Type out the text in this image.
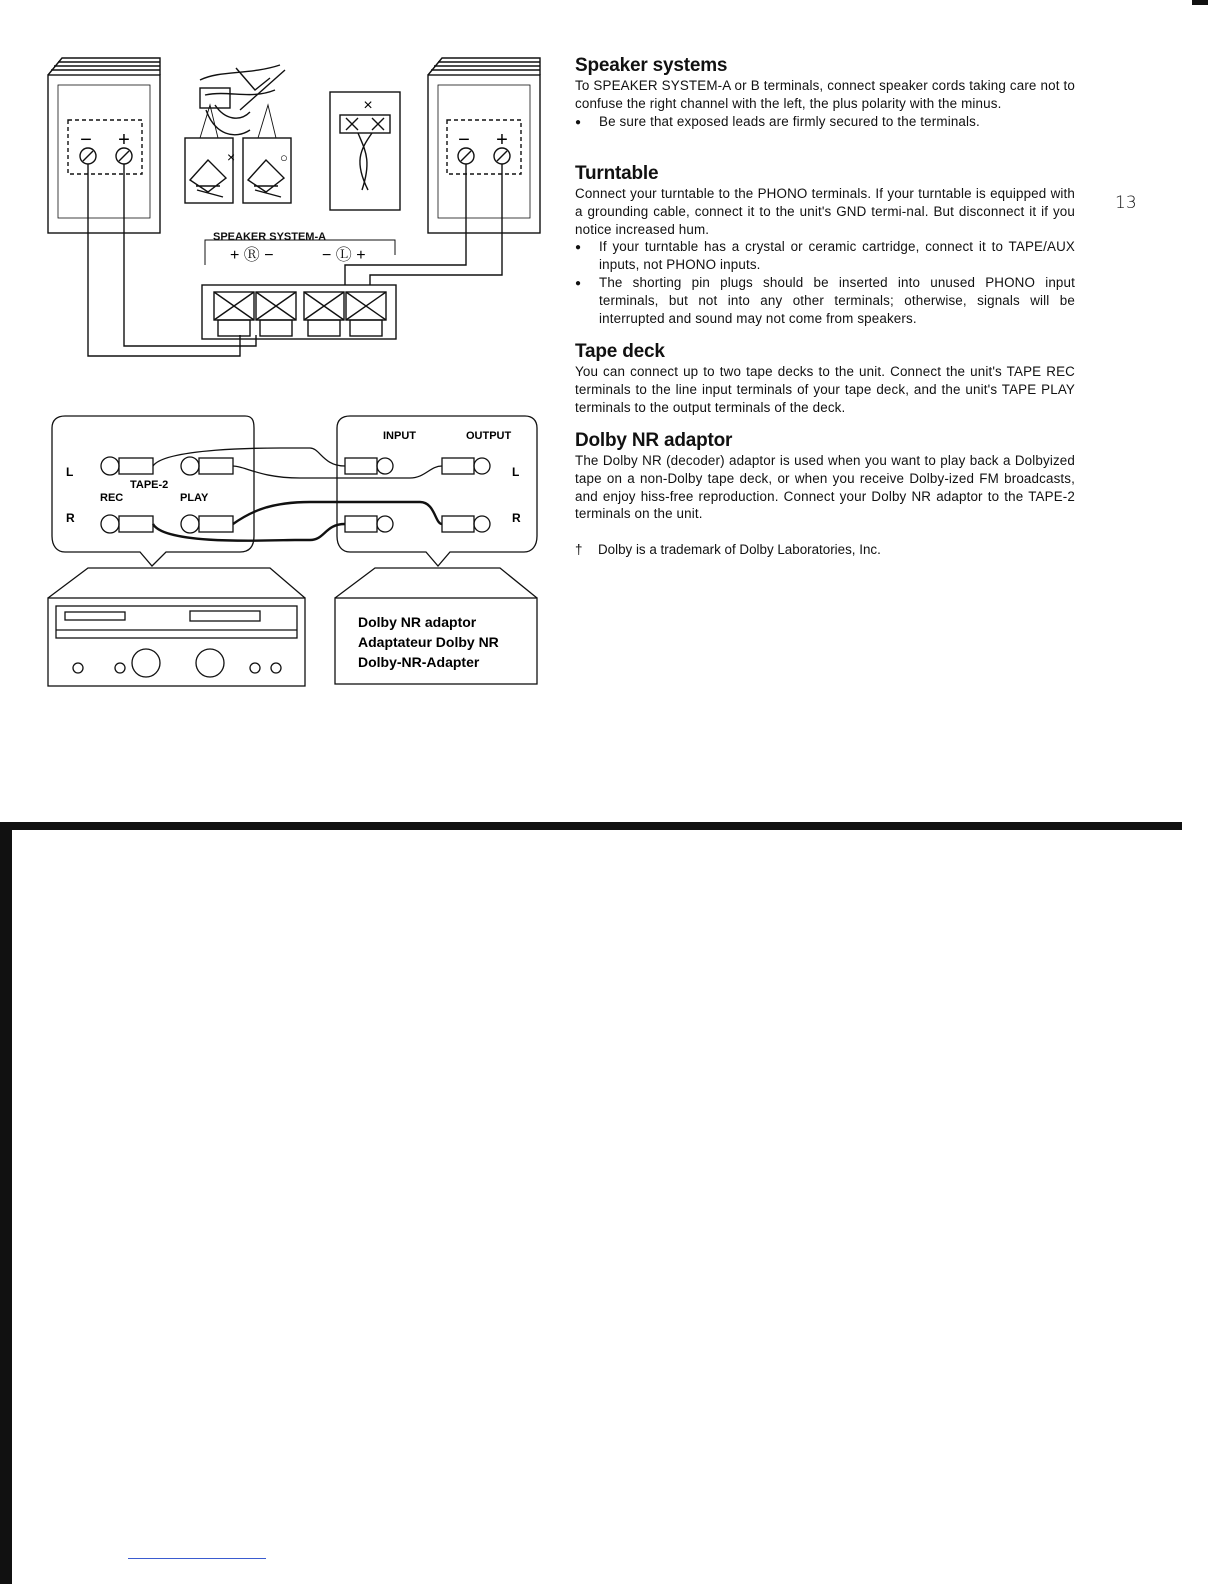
13
Speaker systems

To SPEAKER SYSTEM-A or B terminals, connect speaker cords taking care not to confuse the right channel with the left, the plus polarity with the minus.

●
Be sure that exposed leads are firmly secured to the terminals.
Turntable

Connect your turntable to the PHONO terminals. If your turntable is equipped with a grounding cable, connect it to the unit's GND termi-nal. But disconnect it if you notice increased hum.

●
If your turntable has a crystal or ceramic cartridge, connect it to TAPE/AUX inputs, not PHONO inputs.
●
The shorting pin plugs should be inserted into unused PHONO input terminals, but not into any other terminals; otherwise, signals will be interrupted and sound may not come from speakers.
Tape deck

You can connect up to two tape decks to the unit. Connect the unit's TAPE REC terminals to the line input terminals of your tape deck, and the unit's TAPE PLAY terminals to the output terminals of the deck.

Dolby NR adaptor

The Dolby NR (decoder) adaptor is used when you want to play back a Dolbyized tape on a non-Dolby tape deck, or when you receive Dolby-ized FM broadcasts, and enjoy hiss-free reproduction. Connect your Dolby NR adaptor to the TAPE-2 terminals on the unit.

†	Dolby is a trademark of Dolby Laboratories, Inc.
− +	− +
×	○
×
SPEAKER SYSTEM-A
+ Ⓡ −	− Ⓛ +
INPUT	OUTPUT
L
R
L
R
TAPE-2
REC	PLAY
Dolby NR adaptor
Adaptateur Dolby NR
Dolby-NR-Adapter
